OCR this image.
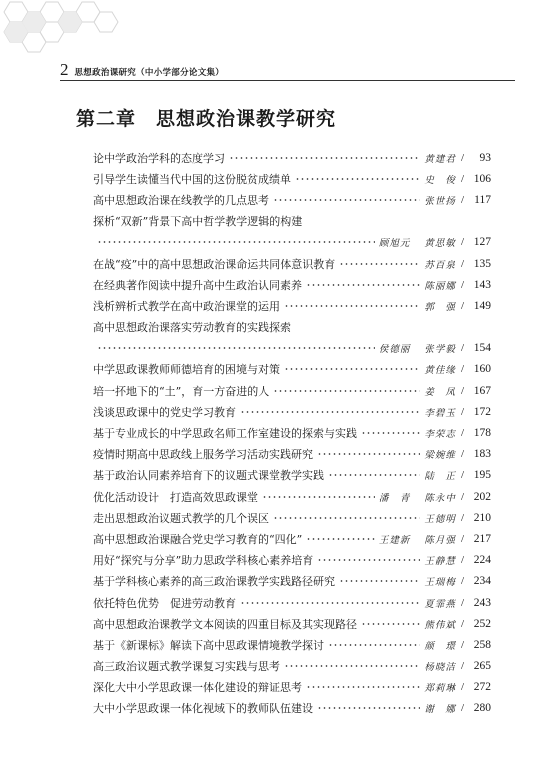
2 思想政治课研究（中小学部分论文集）
第二章　思想政治课教学研究
论中学政治学科的态度学习	黄建君 /	93
引导学生读懂当代中国的这份脱贫成绩单	史　俊 / 106
高中思想政治课在线教学的几点思考	张世扬 / 117
探析“双新”背景下高中哲学教学逻辑的构建
顾旭元 黄思敏 / 127
在战“疫”中的高中思想政治课命运共同体意识教育	苏百泉 / 135
在经典著作阅读中提升高中生政治认同素养	陈丽娜 / 143
浅析辨析式教学在高中政治课堂的运用	郭　强 / 149
高中思想政治课落实劳动教育的实践探索
侯德丽 张学毅 / 154
中学思政课教师师德培育的困境与对策	黄佳缘 / 160
培一抔地下的“土”，育一方奋进的人	姜　凤 / 167
浅谈思政课中的党史学习教育	李碧玉 / 172
基于专业成长的中学思政名师工作室建设的探索与实践	李荣志 / 178
疫情时期高中思政线上服务学习活动实践研究	梁婉维 / 183
基于政治认同素养培育下的议题式课堂教学实践	陆　正 / 195
优化活动设计　打造高效思政课堂	潘　青 陈永中 / 202
走出思想政治议题式教学的几个误区	王德明 / 210
高中思想政治课融合党史学习教育的“四化”	王建新 陈月强 / 217
用好“探究与分享”助力思政学科核心素养培育	王静慧 / 224
基于学科核心素养的高三政治课教学实践路径研究	王瑞梅 / 234
依托特色优势　促进劳动教育	夏霏燕 / 243
高中思想政治课教学文本阅读的四重目标及其实现路径	熊伟斌 / 252
基于《新课标》解读下高中思政课情境教学探讨	颜　璟 / 258
高三政治议题式教学课复习实践与思考	杨晓洁 / 265
深化大中小学思政课一体化建设的辩证思考	郑莉琳 / 272
大中小学思政课一体化视域下的教师队伍建设	谢　娜 / 280
